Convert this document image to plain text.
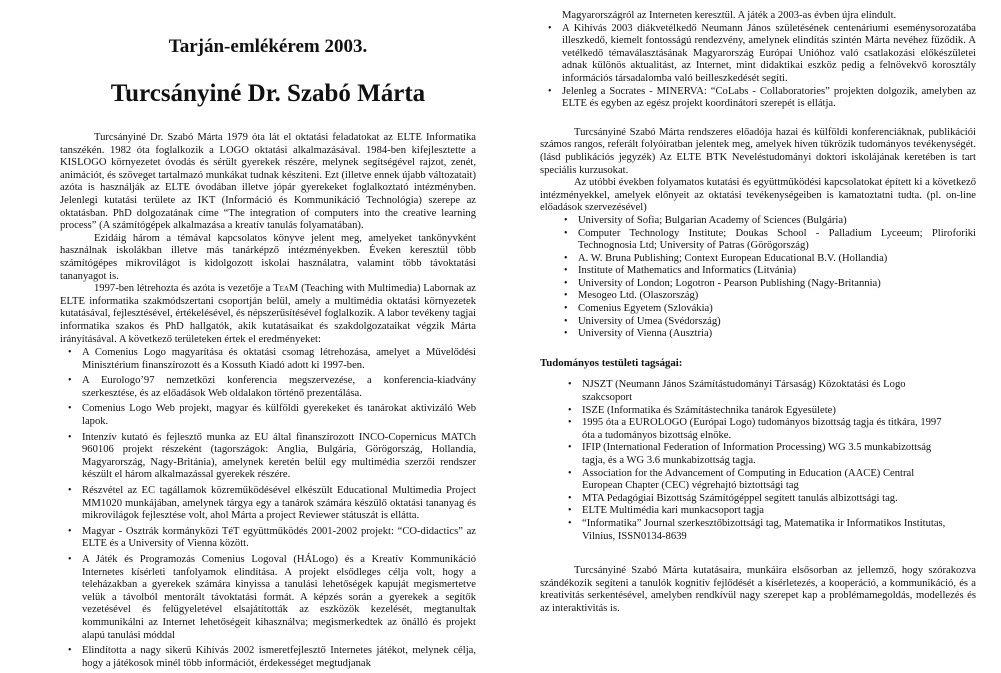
Tarján-emlékérem 2003.
Turcsányiné Dr. Szabó Márta

Turcsányiné Dr. Szabó Márta 1979 óta lát el oktatási feladatokat az ELTE Informatika tanszékén. 1982 óta foglalkozik a LOGO oktatási alkalmazásával. 1984-ben kifejlesztette a KISLOGO környezetet óvodás és sérült gyerekek részére, melynek segítségével rajzot, zenét, animációt, és szöveget tartalmazó munkákat tudnak késziteni. Ezt (illetve ennek újabb változatait) azóta is használják az ELTE óvodában illetve jópár gyerekeket foglalkoztató intézményben. Jelenlegi kutatási területe az IKT (Információ és Kommunikáció Technológia) szerepe az oktatásban. PhD dolgozatának címe “The integration of computers into the creative learning process” (A számítógépek alkalmazása a kreatív tanulás folyamatában).

Ezidáig három a témával kapcsolatos könyve jelent meg, amelyeket tankönyvként használnak iskolákban illetve más tanárképző intézményekben. Éveken keresztül több számítógépes mikrovilágot is kidolgozott iskolai használatra, valamint több távoktatási tananyagot is.

1997-ben létrehozta és azóta is vezetője a TeaM (Teaching with Multimedia) Labornak az ELTE informatika szakmódszertani csoportján belül, amely a multimédia oktatási környezetek kutatásával, fejlesztésével, értékelésével, és népszerűsítésével foglalkozik. A labor tevékeny tagjai informatika szakos és PhD hallgatók, akik kutatásaikat és szakdolgozataikat végzik Márta irányításával. A következő területeken értek el eredményeket:

• A Comenius Logo magyarítása és oktatási csomag létrehozása, amelyet a Művelődési Minisztérium finanszírozott és a Kossuth Kiadó adott ki 1997-ben.
• A Eurologo’97 nemzetközi konferencia megszervezése, a konferencia-kiadvány szerkesztése, és az előadások Web oldalakon történő prezentálása.
• Comenius Logo Web projekt, magyar és külföldi gyerekeket és tanárokat aktivizáló Web lapok.
• Intenzív kutató és fejlesztő munka az EU által finanszírozott INCO-Copernicus MATCh 960106 projekt részeként (tagországok: Anglia, Bulgária, Görögország, Hollandia, Magyarország, Nagy-Británia), amelynek keretén belül egy multimédia szerzői rendszer készült el három alkalmazással gyerekek részére.
• Részvétel az EC tagállamok közreműködésével elkészült Educational Multimedia Project MM1020 munkájában, amelynek tárgya egy a tanárok számára készülő oktatási tananyag és mikrovilágok fejlesztése volt, ahol Márta a project Reviewer státuszát is ellátta.
• Magyar - Osztrák kormányközi TéT együttműködés 2001-2002 projekt: “CO-didactics” az ELTE és a University of Vienna között.
• A Játék és Programozás Comenius Logoval (HÁLogo) és a Kreatív Kommunikáció Internetes kísérleti tanfolyamok elindítása. A projekt elsődleges célja volt, hogy a teleházakban a gyerekek számára kinyissa a tanulási lehetőségek kapuját megismertetve velük a távolból mentorált távoktatási formát. A képzés során a gyerekek a segítők vezetésével és felügyeletével elsajátították az eszközök kezelését, megtanultak kommunikálni az Internet lehetőségeit kihasználva; megismerkedtek az önálló és projekt alapú tanulási móddal
• Elindította a nagy sikerű Kihívás 2002 ismeretfejlesztő Internetes játékot, melynek célja, hogy a játékosok minél több információt, érdekességet megtudjanak

Magyarországról az Interneten keresztül. A játék a 2003-as évben újra elindult.

• A Kihívás 2003 diákvetélkedő Neumann János születésének centenáriumi eseménysorozatába illeszkedő, kiemelt fontosságú rendezvény, amelynek elindítás szintén Márta nevéhez fűződik. A vetélkedő témaválasztásának Magyarország Európai Unióhoz való csatlakozási előkészületei adnak különös aktualitást, az Internet, mint didaktikai eszköz pedig a felnövekvő korosztály információs társadalomba való beilleszkedését segíti.
• Jelenleg a Socrates - MINERVA: “CoLabs - Collaboratories” projekten dolgozik, amelyben az ELTE és egyben az egész projekt koordinátori szerepét is ellátja.

Turcsányiné Szabó Márta rendszeres előadója hazai és külföldi konferenciáknak, publikációi számos rangos, referált folyóiratban jelentek meg, amelyek híven tükrözik tudományos tevékenységét. (lásd publikációs jegyzék) Az ELTE BTK Neveléstudományi doktori iskolájának keretében is tart speciális kurzusokat.

Az utóbbi években folyamatos kutatási és együttműködési kapcsolatokat épített ki a következő intézményekkel, amelyek előnyeit az oktatási tevékenységeiben is kamatoztatni tudta. (pl. on-line előadások szervezésével)

• University of Sofia; Bulgarian Academy of Sciences (Bulgária)
• Computer Technology Institute; Doukas School - Palladium Lyceeum; Pliroforiki Technognosia Ltd; University of Patras (Görögország)
• A. W. Bruna Publishing; Context European Educational B.V. (Hollandia)
• Institute of Mathematics and Informatics (Litvánia)
• University of London; Logotron - Pearson Publishing (Nagy-Britannia)
• Mesogeo Ltd. (Olaszország)
• Comenius Egyetem (Szlovákia)
• University of Umea (Svédország)
• University of Vienna (Ausztria)

Tudományos testületi tagságai:

• NJSZT (Neumann János Számítástudományi Társaság) Közoktatási és Logo szakcsoport
• ISZE (Informatika és Számítástechnika tanárok Egyesülete)
• 1995 óta a EUROLOGO (Európai Logo) tudományos bizottság tagja és titkára, 1997 óta a tudományos bizottság elnöke.
• IFIP (International Federation of Information Processing) WG 3.5 munkabizottság tagja, és a WG 3.6 munkabizottság tagja.
• Association for the Advancement of Computing in Education (AACE) Central European Chapter (CEC) végrehajtó biztottsági tag
• MTA Pedagógiai Bizottság Számítógéppel segített tanulás albizottsági tag.
• ELTE Multimédia kari munkacsoport tagja
• “Informatika” Journal szerkesztőbizottsági tag, Matematika ir Informatikos Institutas, Vilnius, ISSN0134-8639

Turcsányiné Szabó Márta kutatásaira, munkáira elsősorban az jellemző, hogy szórakozva szándékozik segíteni a tanulók kognitív fejlődését a kísérletezés, a kooperáció, a kommunikáció, és a kreativitás serkentésével, amelyben rendkívül nagy szerepet kap a problémamegoldás, modellezés és az interaktivitás is.
